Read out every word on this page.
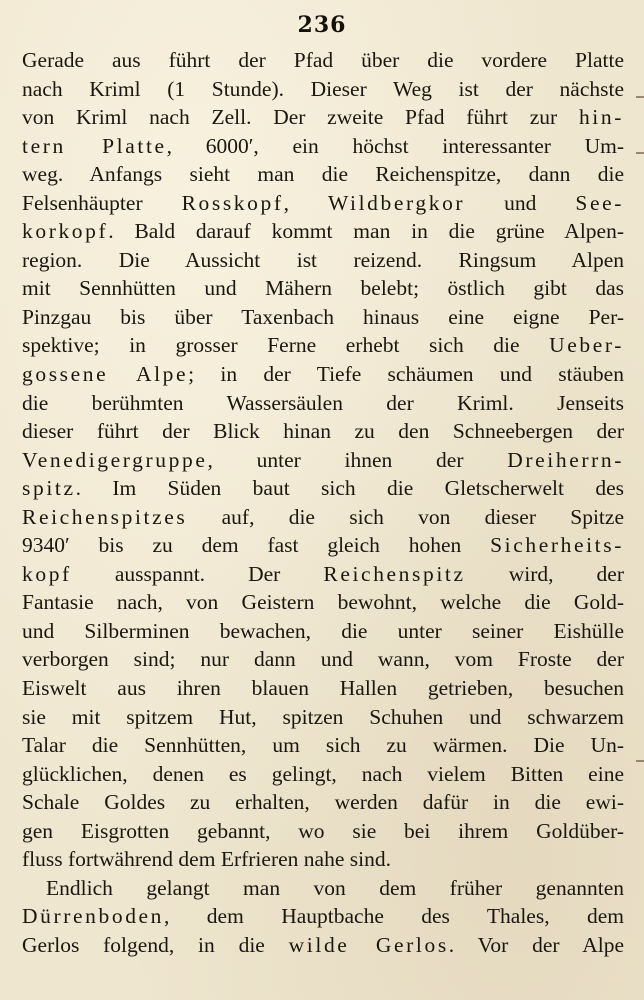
236
Gerade aus führt der Pfad über die vordere Platte
nach Kriml (1 Stunde). Dieser Weg ist der nächste
von Kriml nach Zell. Der zweite Pfad führt zur hin-
tern Platte, 6000′, ein höchst interessanter Um-
weg. Anfangs sieht man die Reichenspitze, dann die
Felsenhäupter Rosskopf, Wildbergkor und See-
korkopf. Bald darauf kommt man in die grüne Alpen-
region. Die Aussicht ist reizend. Ringsum Alpen
mit Sennhütten und Mähern belebt; östlich gibt das
Pinzgau bis über Taxenbach hinaus eine eigne Per-
spektive; in grosser Ferne erhebt sich die Ueber-
gossene Alpe; in der Tiefe schäumen und stäuben
die berühmten Wassersäulen der Kriml. Jenseits
dieser führt der Blick hinan zu den Schneebergen der
Venedigergruppe, unter ihnen der Dreiherrn-
spitz. Im Süden baut sich die Gletscherwelt des
Reichenspitzes auf, die sich von dieser Spitze
9340′ bis zu dem fast gleich hohen Sicherheits-
kopf ausspannt. Der Reichenspitz wird, der
Fantasie nach, von Geistern bewohnt, welche die Gold-
und Silberminen bewachen, die unter seiner Eishülle
verborgen sind; nur dann und wann, vom Froste der
Eiswelt aus ihren blauen Hallen getrieben, besuchen
sie mit spitzem Hut, spitzen Schuhen und schwarzem
Talar die Sennhütten, um sich zu wärmen. Die Un-
glücklichen, denen es gelingt, nach vielem Bitten eine
Schale Goldes zu erhalten, werden dafür in die ewi-
gen Eisgrotten gebannt, wo sie bei ihrem Goldüber-
fluss fortwährend dem Erfrieren nahe sind.
Endlich gelangt man von dem früher genannten
Dürrenboden, dem Hauptbache des Thales, dem
Gerlos folgend, in die wilde Gerlos. Vor der Alpe
